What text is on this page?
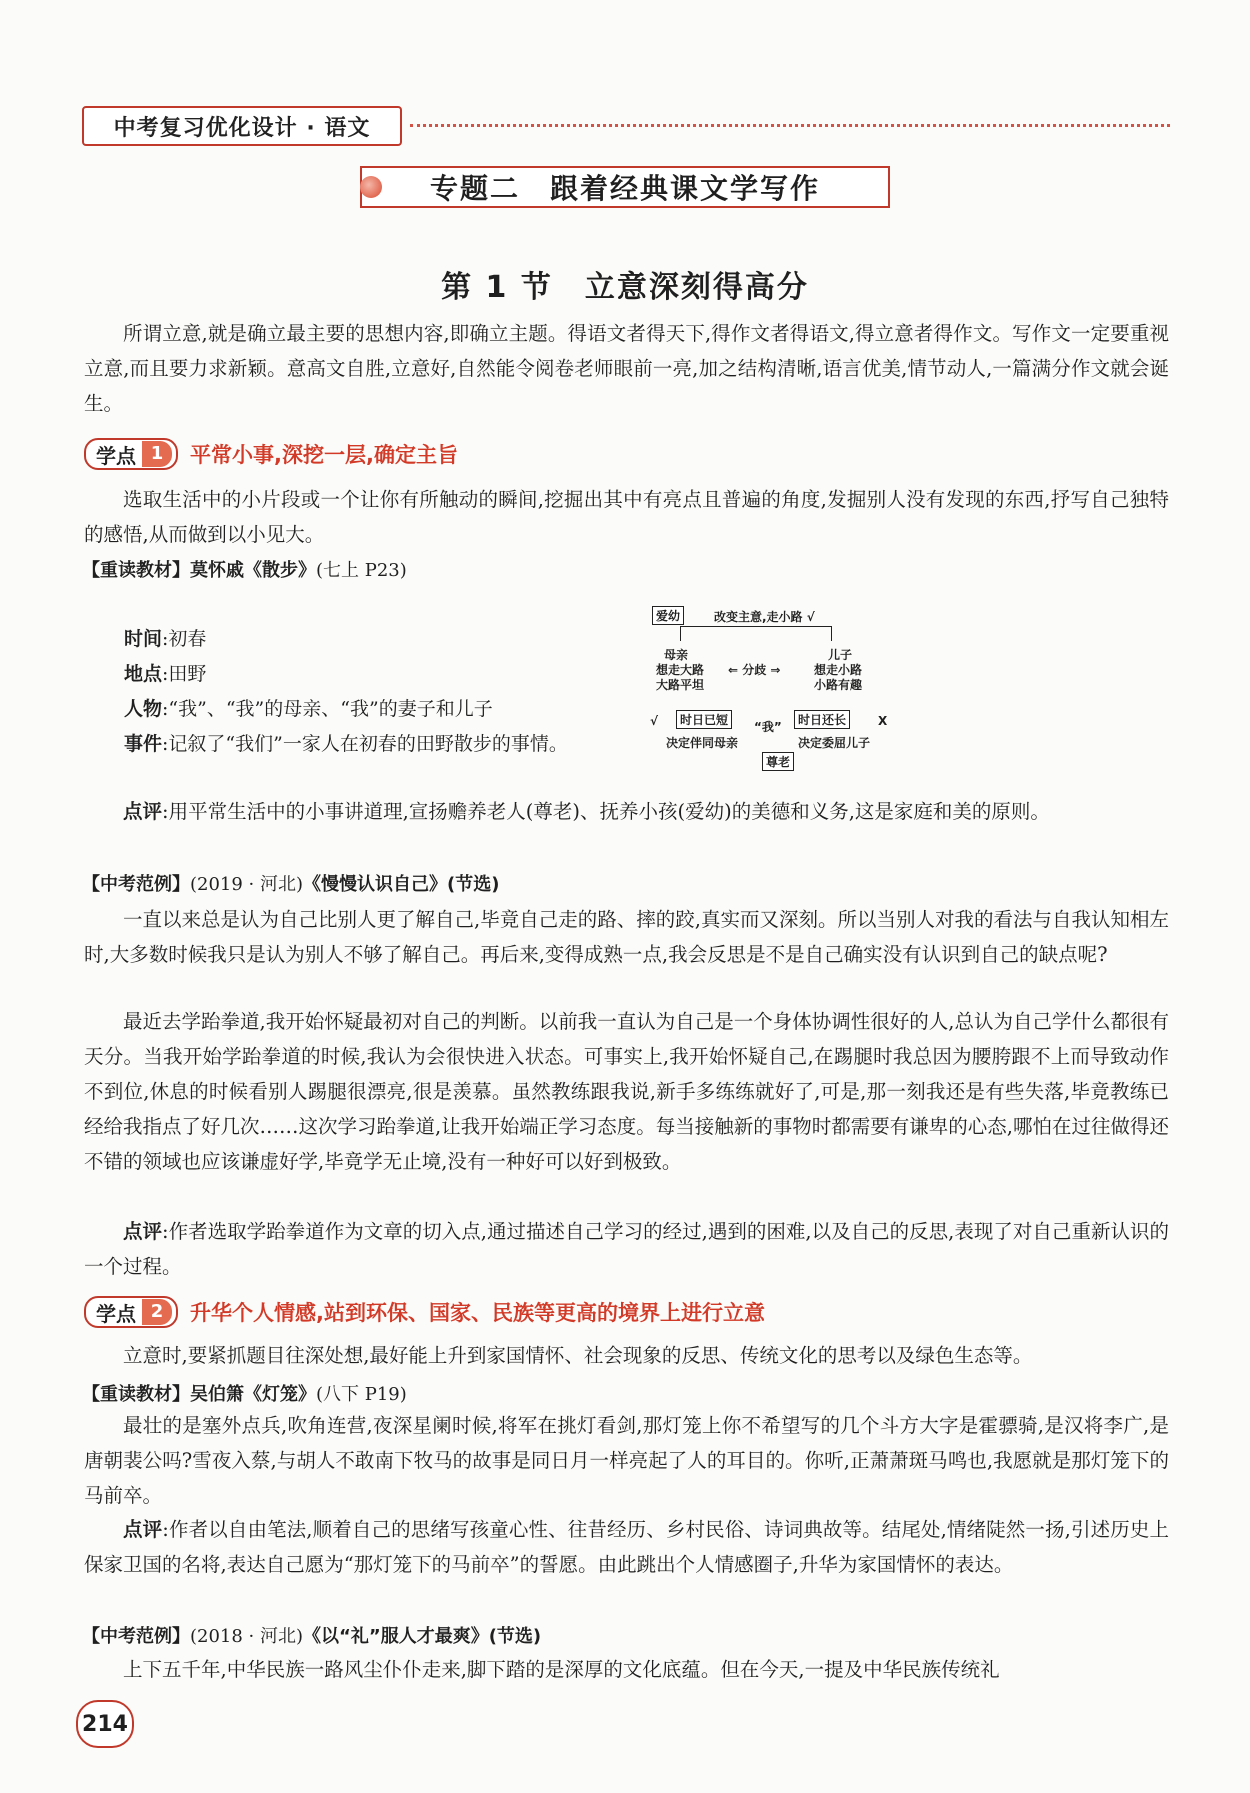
中考复习优化设计 · 语文
专题二　跟着经典课文学写作
第 1 节　立意深刻得高分
所谓立意,就是确立最主要的思想内容,即确立主题。得语文者得天下,得作文者得语文,得立意者得作文。写作文一定要重视立意,而且要力求新颖。意高文自胜,立意好,自然能令阅卷老师眼前一亮,加之结构清晰,语言优美,情节动人,一篇满分作文就会诞生。
学点 1	平常小事,深挖一层,确定主旨
选取生活中的小片段或一个让你有所触动的瞬间,挖掘出其中有亮点且普遍的角度,发掘别人没有发现的东西,抒写自己独特的感悟,从而做到以小见大。
【重读教材】莫怀戚《散步》(七上 P23)
时间:初春
地点:田野
人物:“我”、“我”的母亲、“我”的妻子和儿子
事件:记叙了“我们”一家人在初春的田野散步的事情。
爱幼	改变主意,走小路 √
母亲
想走大路
大路平坦
⇐ 分歧 ⇒
儿子
想走小路
小路有趣
√	时日已短	“我”	时日还长	X
决定伴同母亲	决定委屈儿子
尊老
点评:用平常生活中的小事讲道理,宣扬赡养老人(尊老)、抚养小孩(爱幼)的美德和义务,这是家庭和美的原则。
【中考范例】(2019 · 河北)《慢慢认识自己》(节选)
一直以来总是认为自己比别人更了解自己,毕竟自己走的路、摔的跤,真实而又深刻。所以当别人对我的看法与自我认知相左时,大多数时候我只是认为别人不够了解自己。再后来,变得成熟一点,我会反思是不是自己确实没有认识到自己的缺点呢?
最近去学跆拳道,我开始怀疑最初对自己的判断。以前我一直认为自己是一个身体协调性很好的人,总认为自己学什么都很有天分。当我开始学跆拳道的时候,我认为会很快进入状态。可事实上,我开始怀疑自己,在踢腿时我总因为腰胯跟不上而导致动作不到位,休息的时候看别人踢腿很漂亮,很是羡慕。虽然教练跟我说,新手多练练就好了,可是,那一刻我还是有些失落,毕竟教练已经给我指点了好几次……这次学习跆拳道,让我开始端正学习态度。每当接触新的事物时都需要有谦卑的心态,哪怕在过往做得还不错的领域也应该谦虚好学,毕竟学无止境,没有一种好可以好到极致。
点评:作者选取学跆拳道作为文章的切入点,通过描述自己学习的经过,遇到的困难,以及自己的反思,表现了对自己重新认识的一个过程。
学点 2	升华个人情感,站到环保、国家、民族等更高的境界上进行立意
立意时,要紧抓题目往深处想,最好能上升到家国情怀、社会现象的反思、传统文化的思考以及绿色生态等。
【重读教材】吴伯箫《灯笼》(八下 P19)
最壮的是塞外点兵,吹角连营,夜深星阑时候,将军在挑灯看剑,那灯笼上你不希望写的几个斗方大字是霍骠骑,是汉将李广,是唐朝裴公吗?雪夜入蔡,与胡人不敢南下牧马的故事是同日月一样亮起了人的耳目的。你听,正萧萧斑马鸣也,我愿就是那灯笼下的马前卒。
点评:作者以自由笔法,顺着自己的思绪写孩童心性、往昔经历、乡村民俗、诗词典故等。结尾处,情绪陡然一扬,引述历史上保家卫国的名将,表达自己愿为“那灯笼下的马前卒”的誓愿。由此跳出个人情感圈子,升华为家国情怀的表达。
【中考范例】(2018 · 河北)《以“礼”服人才最爽》(节选)
上下五千年,中华民族一路风尘仆仆走来,脚下踏的是深厚的文化底蕴。但在今天,一提及中华民族传统礼
214
